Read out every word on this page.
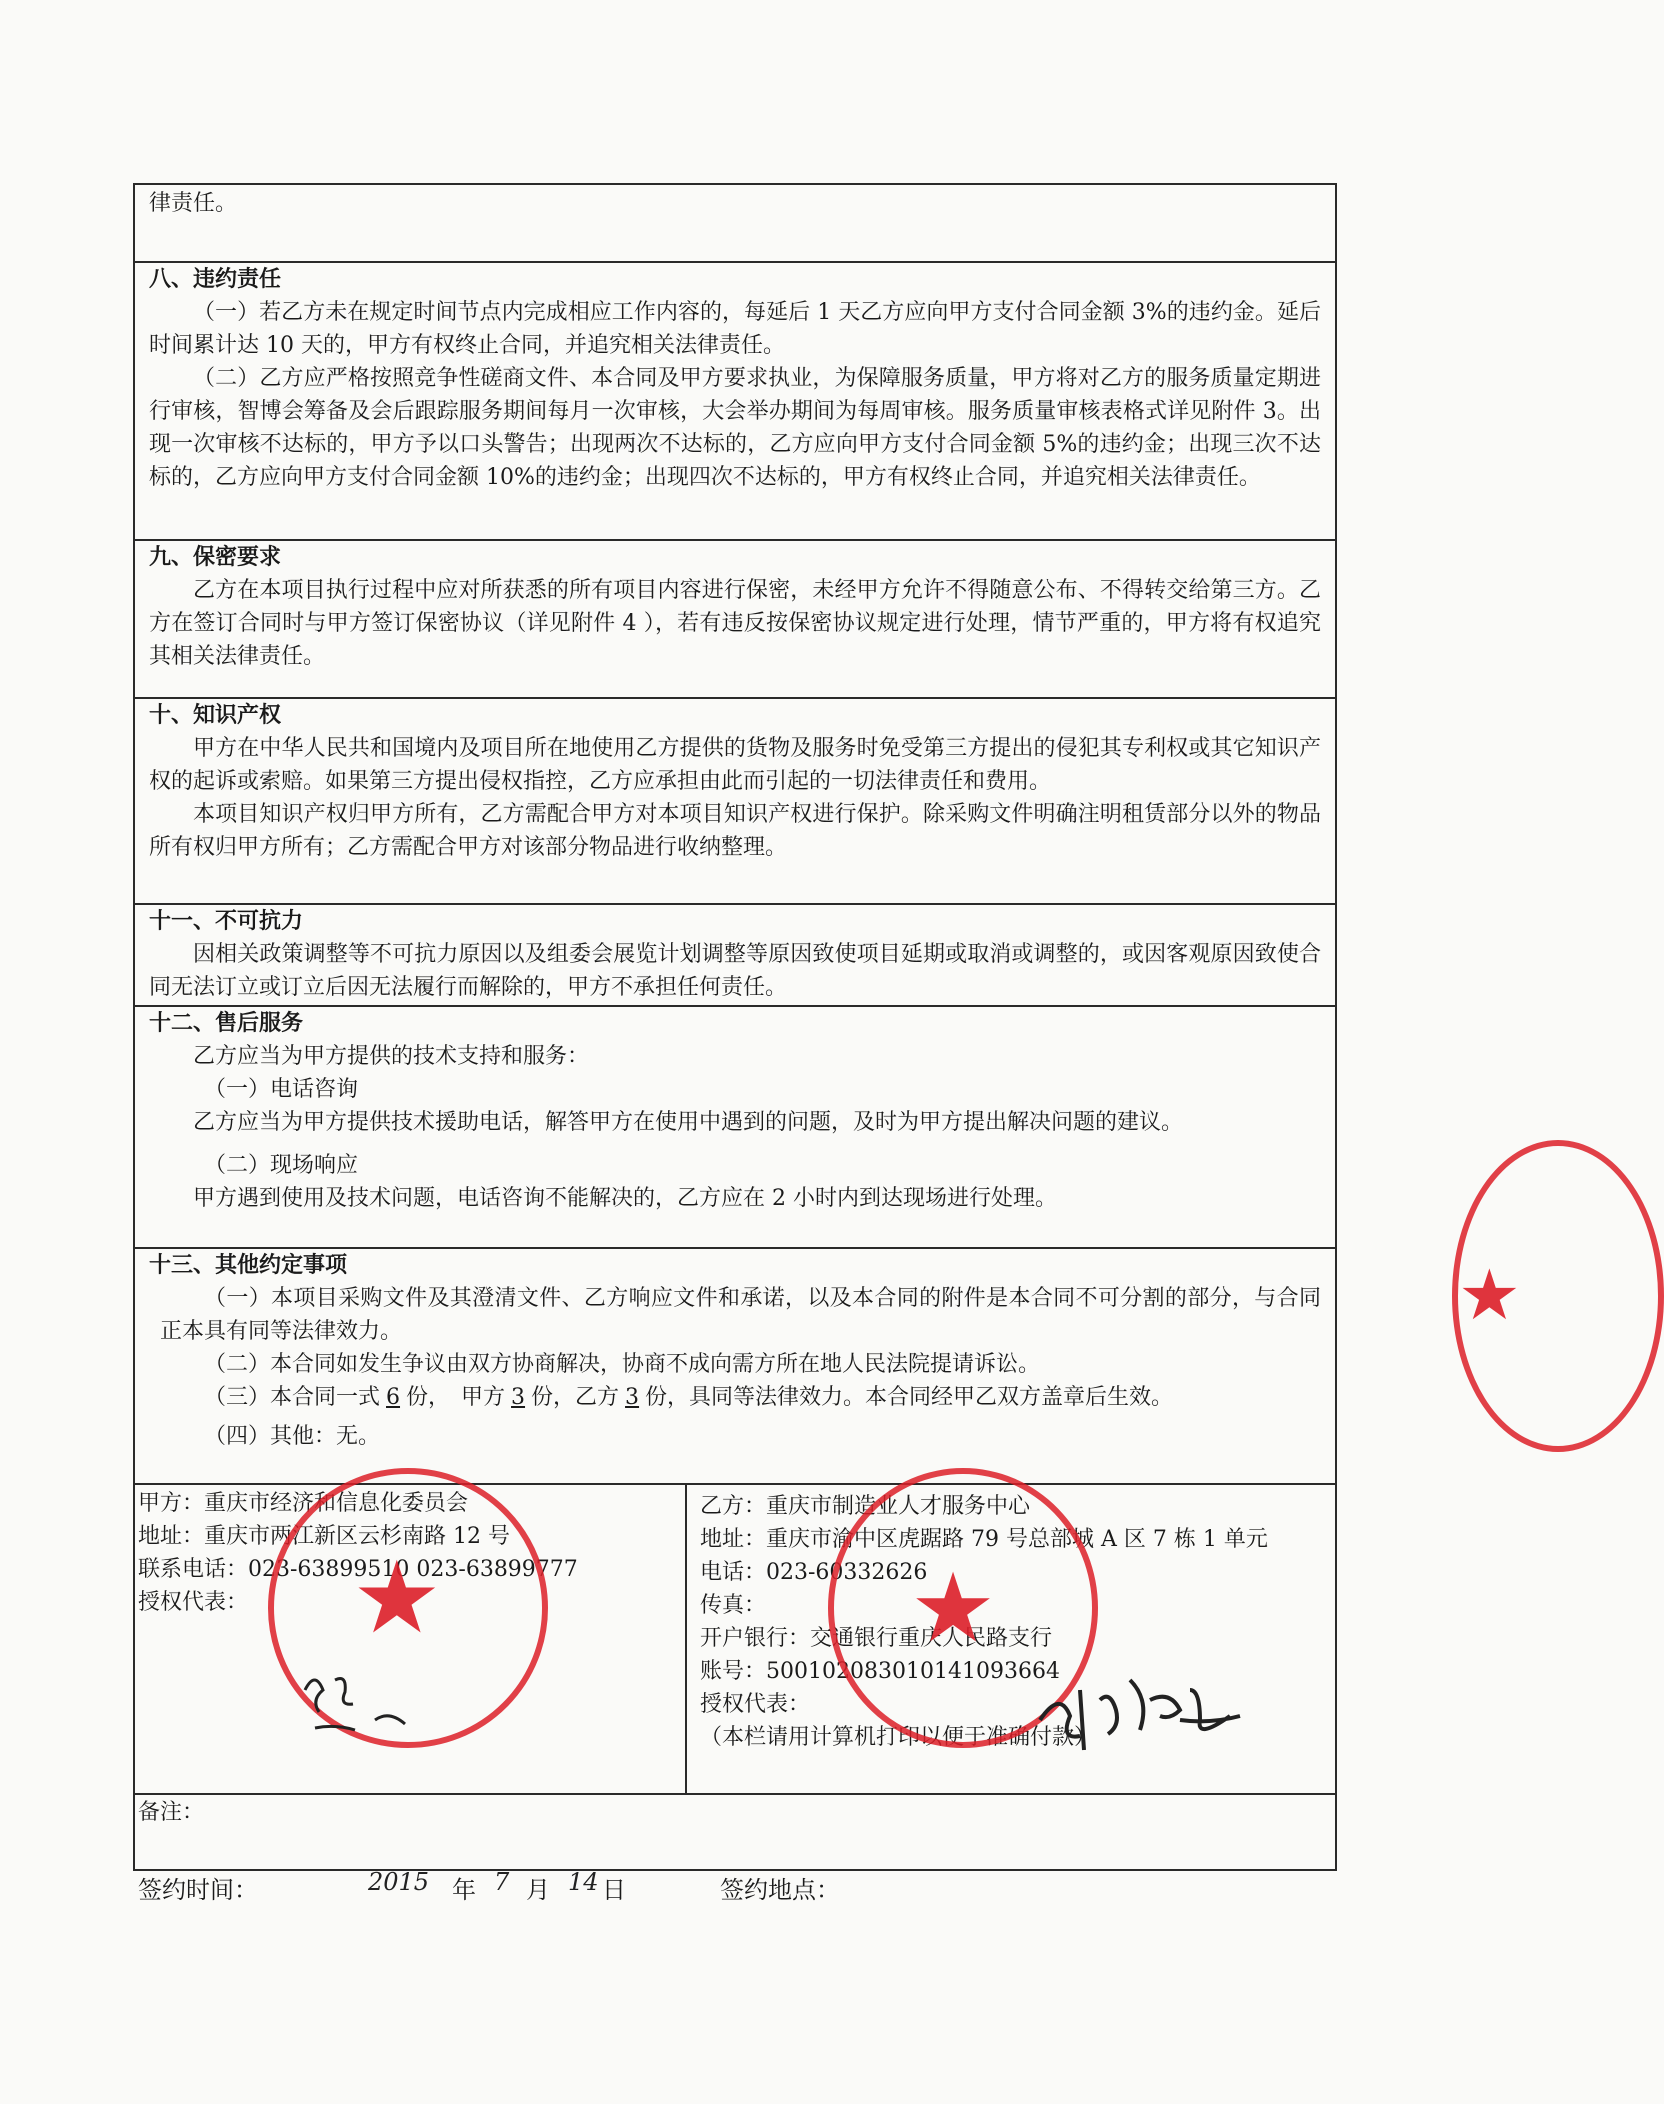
律责任。

八、违约责任

（一）若乙方未在规定时间节点内完成相应工作内容的，每延后 1 天乙方应向甲方支付合同金额 3%的违约金。延后时间累计达 10 天的，甲方有权终止合同，并追究相关法律责任。

（二）乙方应严格按照竞争性磋商文件、本合同及甲方要求执业，为保障服务质量，甲方将对乙方的服务质量定期进行审核，智博会筹备及会后跟踪服务期间每月一次审核，大会举办期间为每周审核。服务质量审核表格式详见附件 3。出现一次审核不达标的，甲方予以口头警告；出现两次不达标的，乙方应向甲方支付合同金额 5%的违约金；出现三次不达标的，乙方应向甲方支付合同金额 10%的违约金；出现四次不达标的，甲方有权终止合同，并追究相关法律责任。

九、保密要求

乙方在本项目执行过程中应对所获悉的所有项目内容进行保密，未经甲方允许不得随意公布、不得转交给第三方。乙方在签订合同时与甲方签订保密协议（详见附件 4 ），若有违反按保密协议规定进行处理，情节严重的，甲方将有权追究其相关法律责任。

十、知识产权

甲方在中华人民共和国境内及项目所在地使用乙方提供的货物及服务时免受第三方提出的侵犯其专利权或其它知识产权的起诉或索赔。如果第三方提出侵权指控，乙方应承担由此而引起的一切法律责任和费用。

本项目知识产权归甲方所有，乙方需配合甲方对本项目知识产权进行保护。除采购文件明确注明租赁部分以外的物品所有权归甲方所有；乙方需配合甲方对该部分物品进行收纳整理。

十一、不可抗力

因相关政策调整等不可抗力原因以及组委会展览计划调整等原因致使项目延期或取消或调整的，或因客观原因致使合同无法订立或订立后因无法履行而解除的，甲方不承担任何责任。

十二、售后服务

乙方应当为甲方提供的技术支持和服务：

（一）电话咨询

乙方应当为甲方提供技术援助电话，解答甲方在使用中遇到的问题，及时为甲方提出解决问题的建议。

（二）现场响应

甲方遇到使用及技术问题，电话咨询不能解决的，乙方应在 2 小时内到达现场进行处理。

十三、其他约定事项

（一）本项目采购文件及其澄清文件、乙方响应文件和承诺，以及本合同的附件是本合同不可分割的部分，与合同正本具有同等法律效力。

（二）本合同如发生争议由双方协商解决，协商不成向需方所在地人民法院提请诉讼。

（三）本合同一式 6 份，　甲方 3 份，乙方 3 份，具同等法律效力。本合同经甲乙双方盖章后生效。

（四）其他：无。

甲方：重庆市经济和信息化委员会
地址：重庆市两江新区云杉南路 12 号
联系电话：023-63899510 023-63899777
授权代表：
乙方：重庆市制造业人才服务中心
地址：重庆市渝中区虎踞路 79 号总部城 A 区 7 栋 1 单元
电话：023-60332626
传真：
开户银行：交通银行重庆人民路支行
账号：500102083010141093664
授权代表：
（本栏请用计算机打印以便于准确付款）
备注：
签约时间：	2015 年 7 月 14 日	签约地点：
★	★
★
